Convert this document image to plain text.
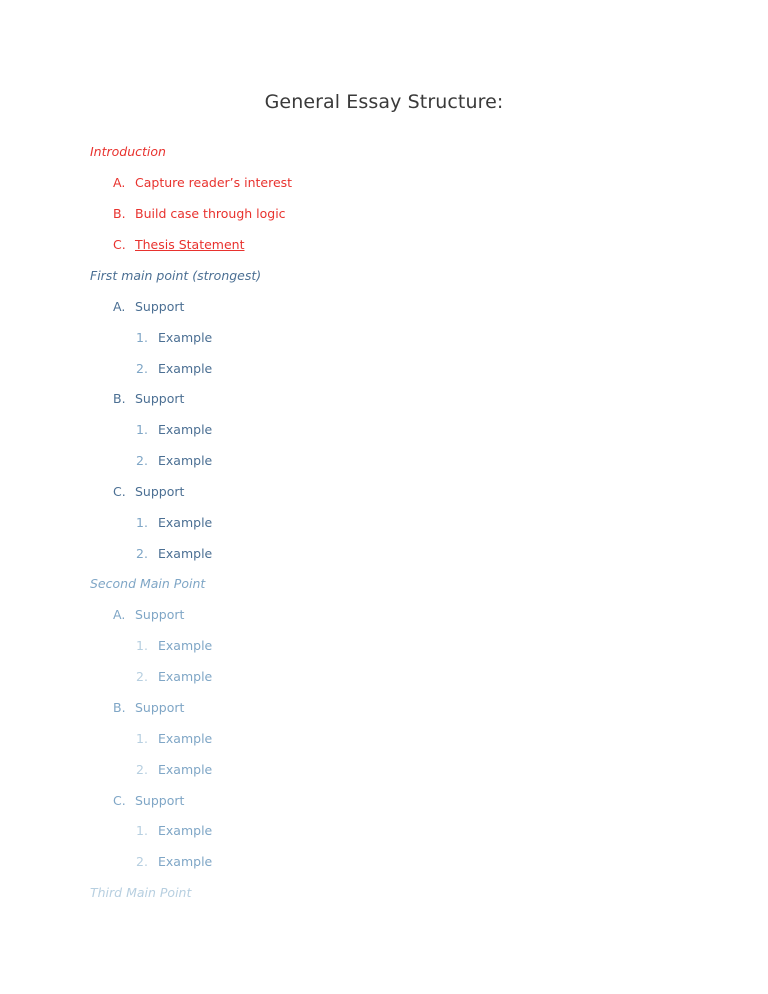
General Essay Structure:
Introduction
A. Capture reader’s interest
B. Build case through logic
C. Thesis Statement
First main point (strongest)
A. Support
1. Example
2. Example
B. Support
1. Example
2. Example
C. Support
1. Example
2. Example
Second Main Point
A. Support
1. Example
2. Example
B. Support
1. Example
2. Example
C. Support
1. Example
2. Example
Third Main Point
